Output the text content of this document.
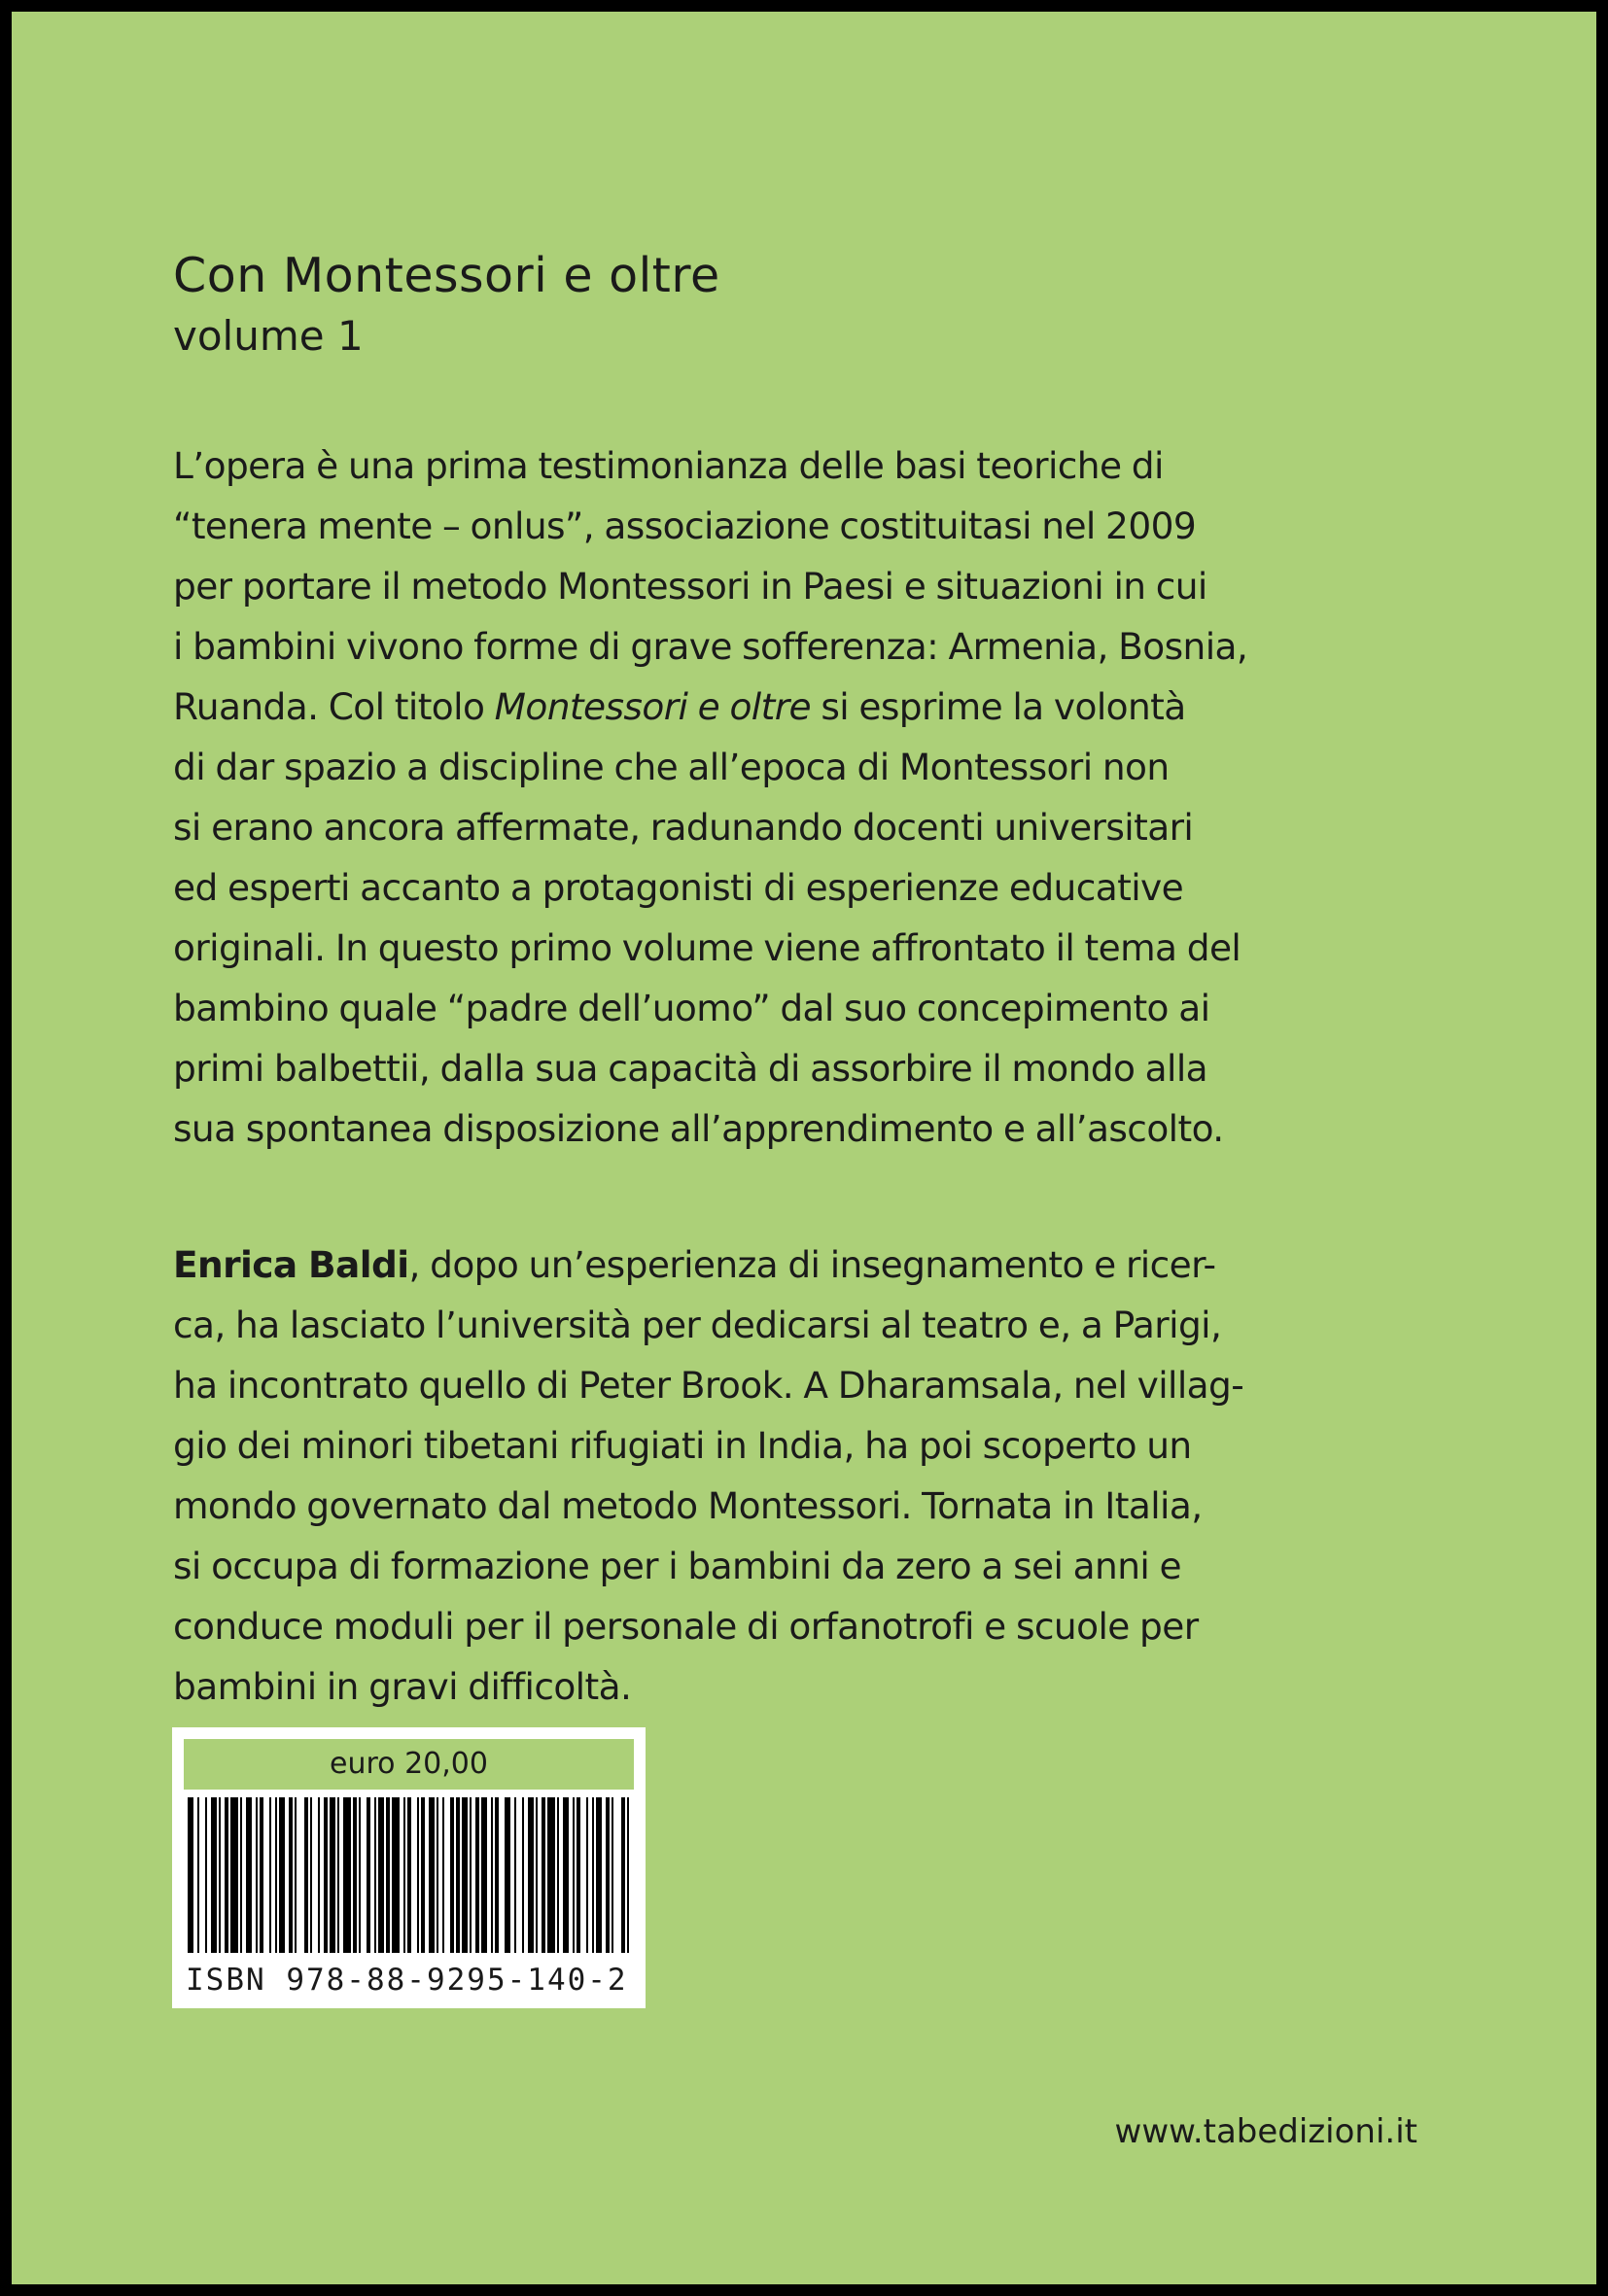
Con Montessori e oltre
volume 1
L’opera è una prima testimonianza delle basi teoriche di
“tenera mente – onlus”, associazione costituitasi nel 2009
per portare il metodo Montessori in Paesi e situazioni in cui
i bambini vivono forme di grave sofferenza: Armenia, Bosnia,
Ruanda. Col titolo Montessori e oltre si esprime la volontà
di dar spazio a discipline che all’epoca di Montessori non
si erano ancora affermate, radunando docenti universitari
ed esperti accanto a protagonisti di esperienze educative
originali. In questo primo volume viene affrontato il tema del
bambino quale “padre dell’uomo” dal suo concepimento ai
primi balbettii, dalla sua capacità di assorbire il mondo alla
sua spontanea disposizione all’apprendimento e all’ascolto.
Enrica Baldi, dopo un’esperienza di insegnamento e ricer-
ca, ha lasciato l’università per dedicarsi al teatro e, a Parigi,
ha incontrato quello di Peter Brook. A Dharamsala, nel villag-
gio dei minori tibetani rifugiati in India, ha poi scoperto un
mondo governato dal metodo Montessori. Tornata in Italia,
si occupa di formazione per i bambini da zero a sei anni e
conduce moduli per il personale di orfanotrofi e scuole per
bambini in gravi difficoltà.
euro 20,00
ISBN 978-88-9295-140-2
www.tabedizioni.it
